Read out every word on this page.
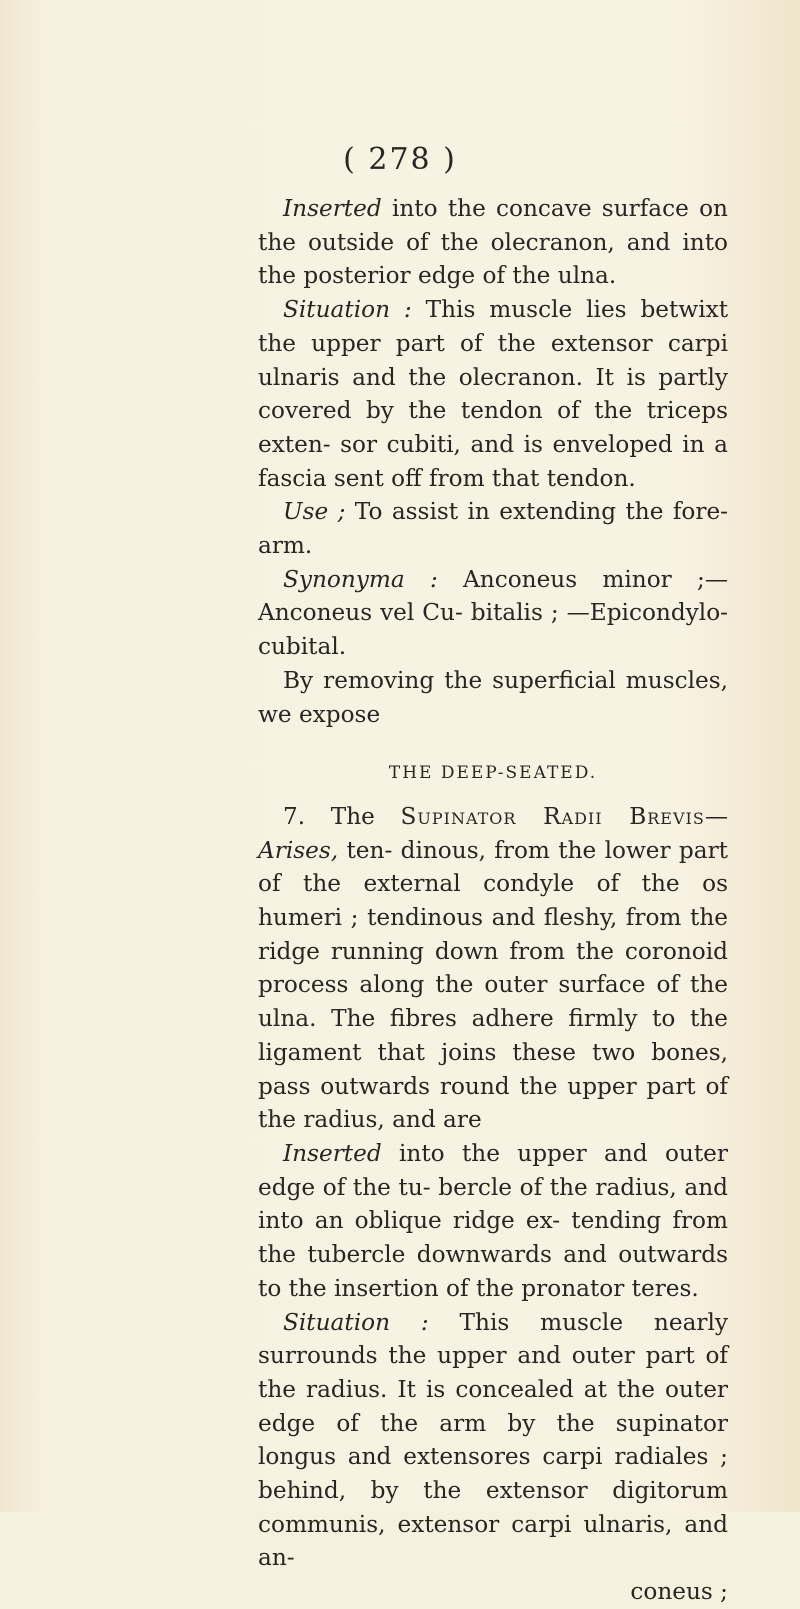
( 278 )

Inserted into the concave surface on the outside of the olecranon, and into the posterior edge of the ulna.

Situation : This muscle lies betwixt the upper part of the extensor carpi ulnaris and the olecranon. It is partly covered by the tendon of the triceps exten- sor cubiti, and is enveloped in a fascia sent off from that tendon.

Use ; To assist in extending the fore-arm.

Synonyma : Anconeus minor ;—Anconeus vel Cu- bitalis ; —Epicondylo-cubital.

By removing the superficial muscles, we expose

THE DEEP-SEATED.

7. The Supinator Radii Brevis—Arises, ten- dinous, from the lower part of the external condyle of the os humeri ; tendinous and fleshy, from the ridge running down from the coronoid process along the outer surface of the ulna. The fibres adhere firmly to the ligament that joins these two bones, pass outwards round the upper part of the radius, and are

Inserted into the upper and outer edge of the tu- bercle of the radius, and into an oblique ridge ex- tending from the tubercle downwards and outwards to the insertion of the pronator teres.

Situation : This muscle nearly surrounds the upper and outer part of the radius. It is concealed at the outer edge of the arm by the supinator longus and extensores carpi radiales ; behind, by the extensor digitorum communis, extensor carpi ulnaris, and an-

coneus ;
